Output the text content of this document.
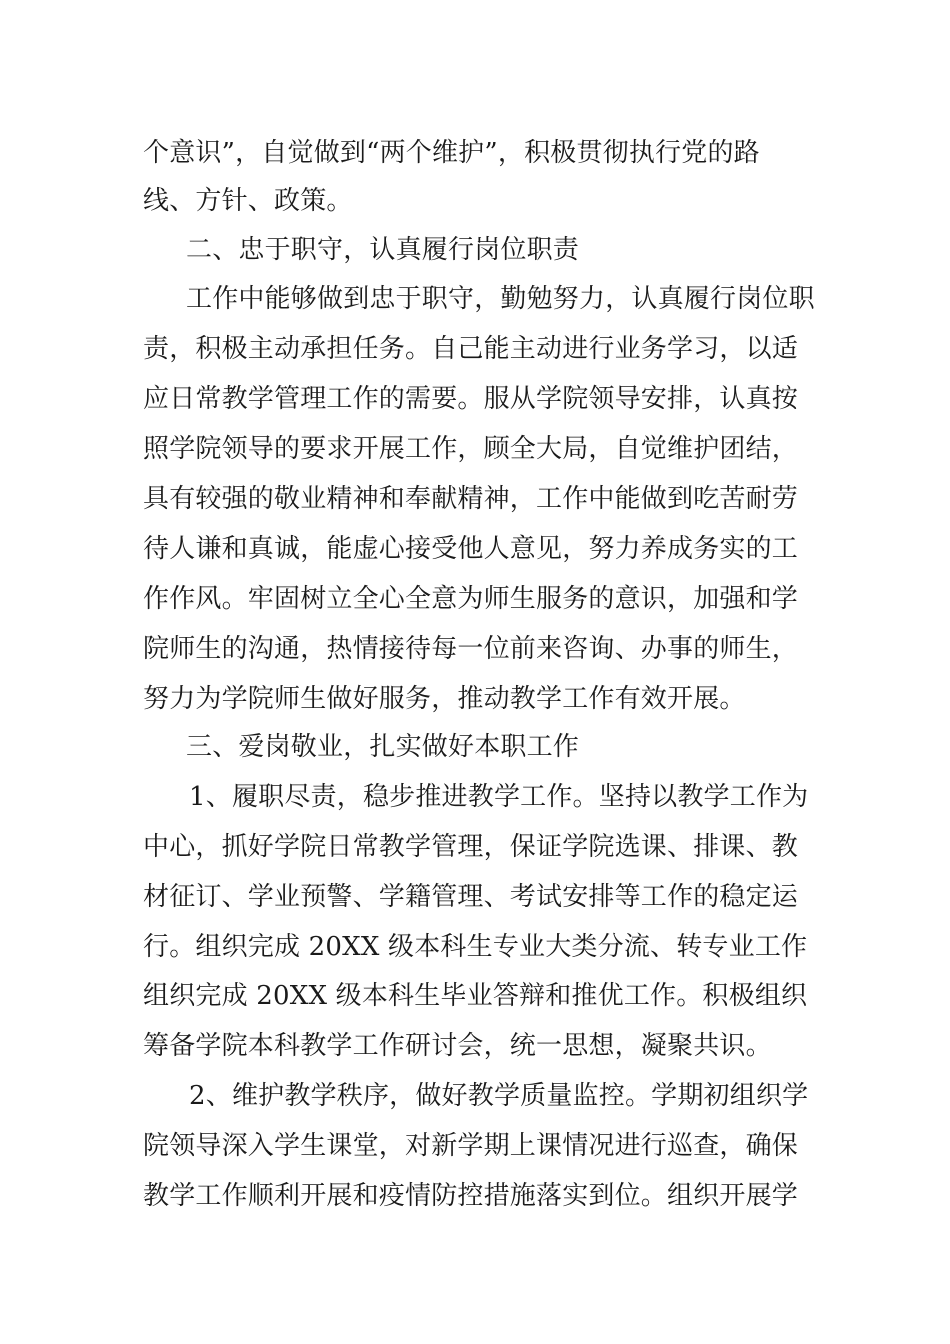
个意识”，自觉做到“两个维护”，积极贯彻执行党的路
线、方针、政策。
二、忠于职守，认真履行岗位职责
工作中能够做到忠于职守，勤勉努力，认真履行岗位职
责，积极主动承担任务。自己能主动进行业务学习，以适
应日常教学管理工作的需要。服从学院领导安排，认真按
照学院领导的要求开展工作，顾全大局，自觉维护团结，
具有较强的敬业精神和奉献精神，工作中能做到吃苦耐劳
待人谦和真诚，能虚心接受他人意见，努力养成务实的工
作作风。牢固树立全心全意为师生服务的意识，加强和学
院师生的沟通，热情接待每一位前来咨询、办事的师生，
努力为学院师生做好服务，推动教学工作有效开展。
三、爱岗敬业，扎实做好本职工作
1、履职尽责，稳步推进教学工作。坚持以教学工作为
中心，抓好学院日常教学管理，保证学院选课、排课、教
材征订、学业预警、学籍管理、考试安排等工作的稳定运
行。组织完成 20XX 级本科生专业大类分流、转专业工作
组织完成 20XX 级本科生毕业答辩和推优工作。积极组织
筹备学院本科教学工作研讨会，统一思想，凝聚共识。
2、维护教学秩序，做好教学质量监控。学期初组织学
院领导深入学生课堂，对新学期上课情况进行巡查，确保
教学工作顺利开展和疫情防控措施落实到位。组织开展学
